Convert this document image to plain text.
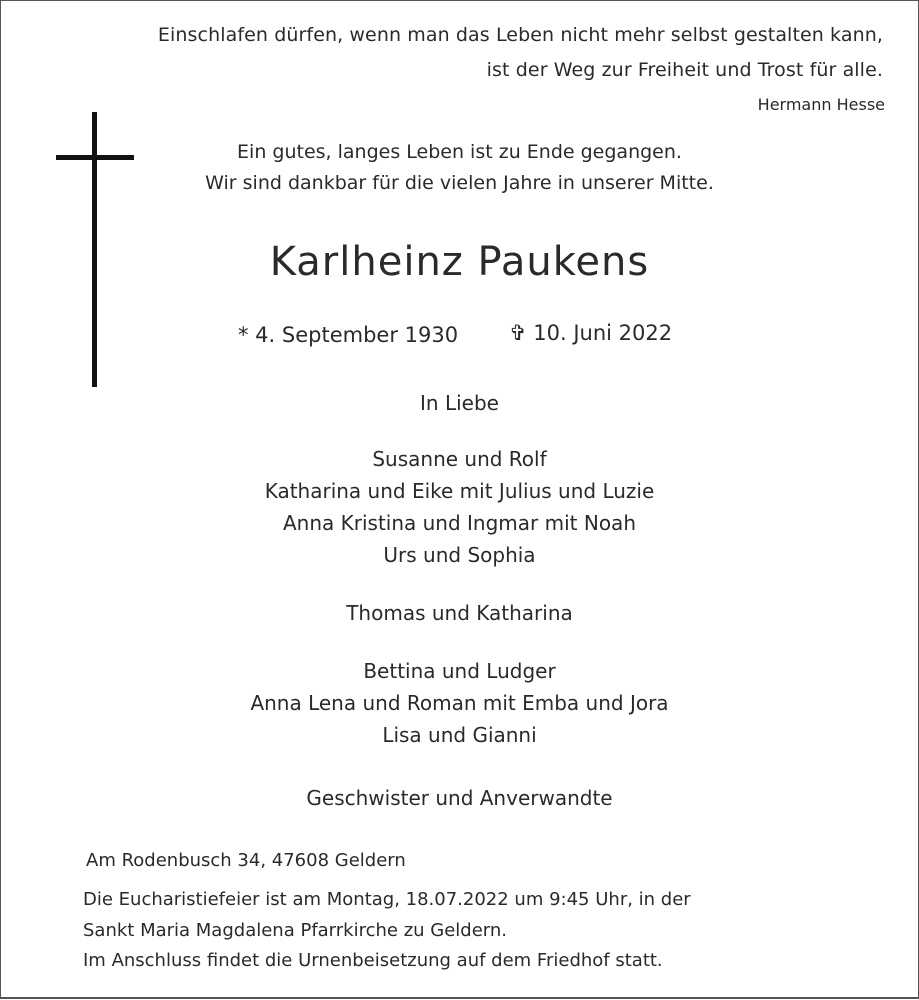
Einschlafen dürfen, wenn man das Leben nicht mehr selbst gestalten kann,
ist der Weg zur Freiheit und Trost für alle.
Hermann Hesse
Ein gutes, langes Leben ist zu Ende gegangen.
Wir sind dankbar für die vielen Jahre in unserer Mitte.
Karlheinz Paukens
* 4. September 1930 ✞ 10. Juni 2022
In Liebe
Susanne und Rolf
Katharina und Eike mit Julius und Luzie
Anna Kristina und Ingmar mit Noah
Urs und Sophia
Thomas und Katharina
Bettina und Ludger
Anna Lena und Roman mit Emba und Jora
Lisa und Gianni
Geschwister und Anverwandte
Am Rodenbusch 34, 47608 Geldern
Die Eucharistiefeier ist am Montag, 18.07.2022 um 9:45 Uhr, in der
Sankt Maria Magdalena Pfarrkirche zu Geldern.
Im Anschluss findet die Urnenbeisetzung auf dem Friedhof statt.
